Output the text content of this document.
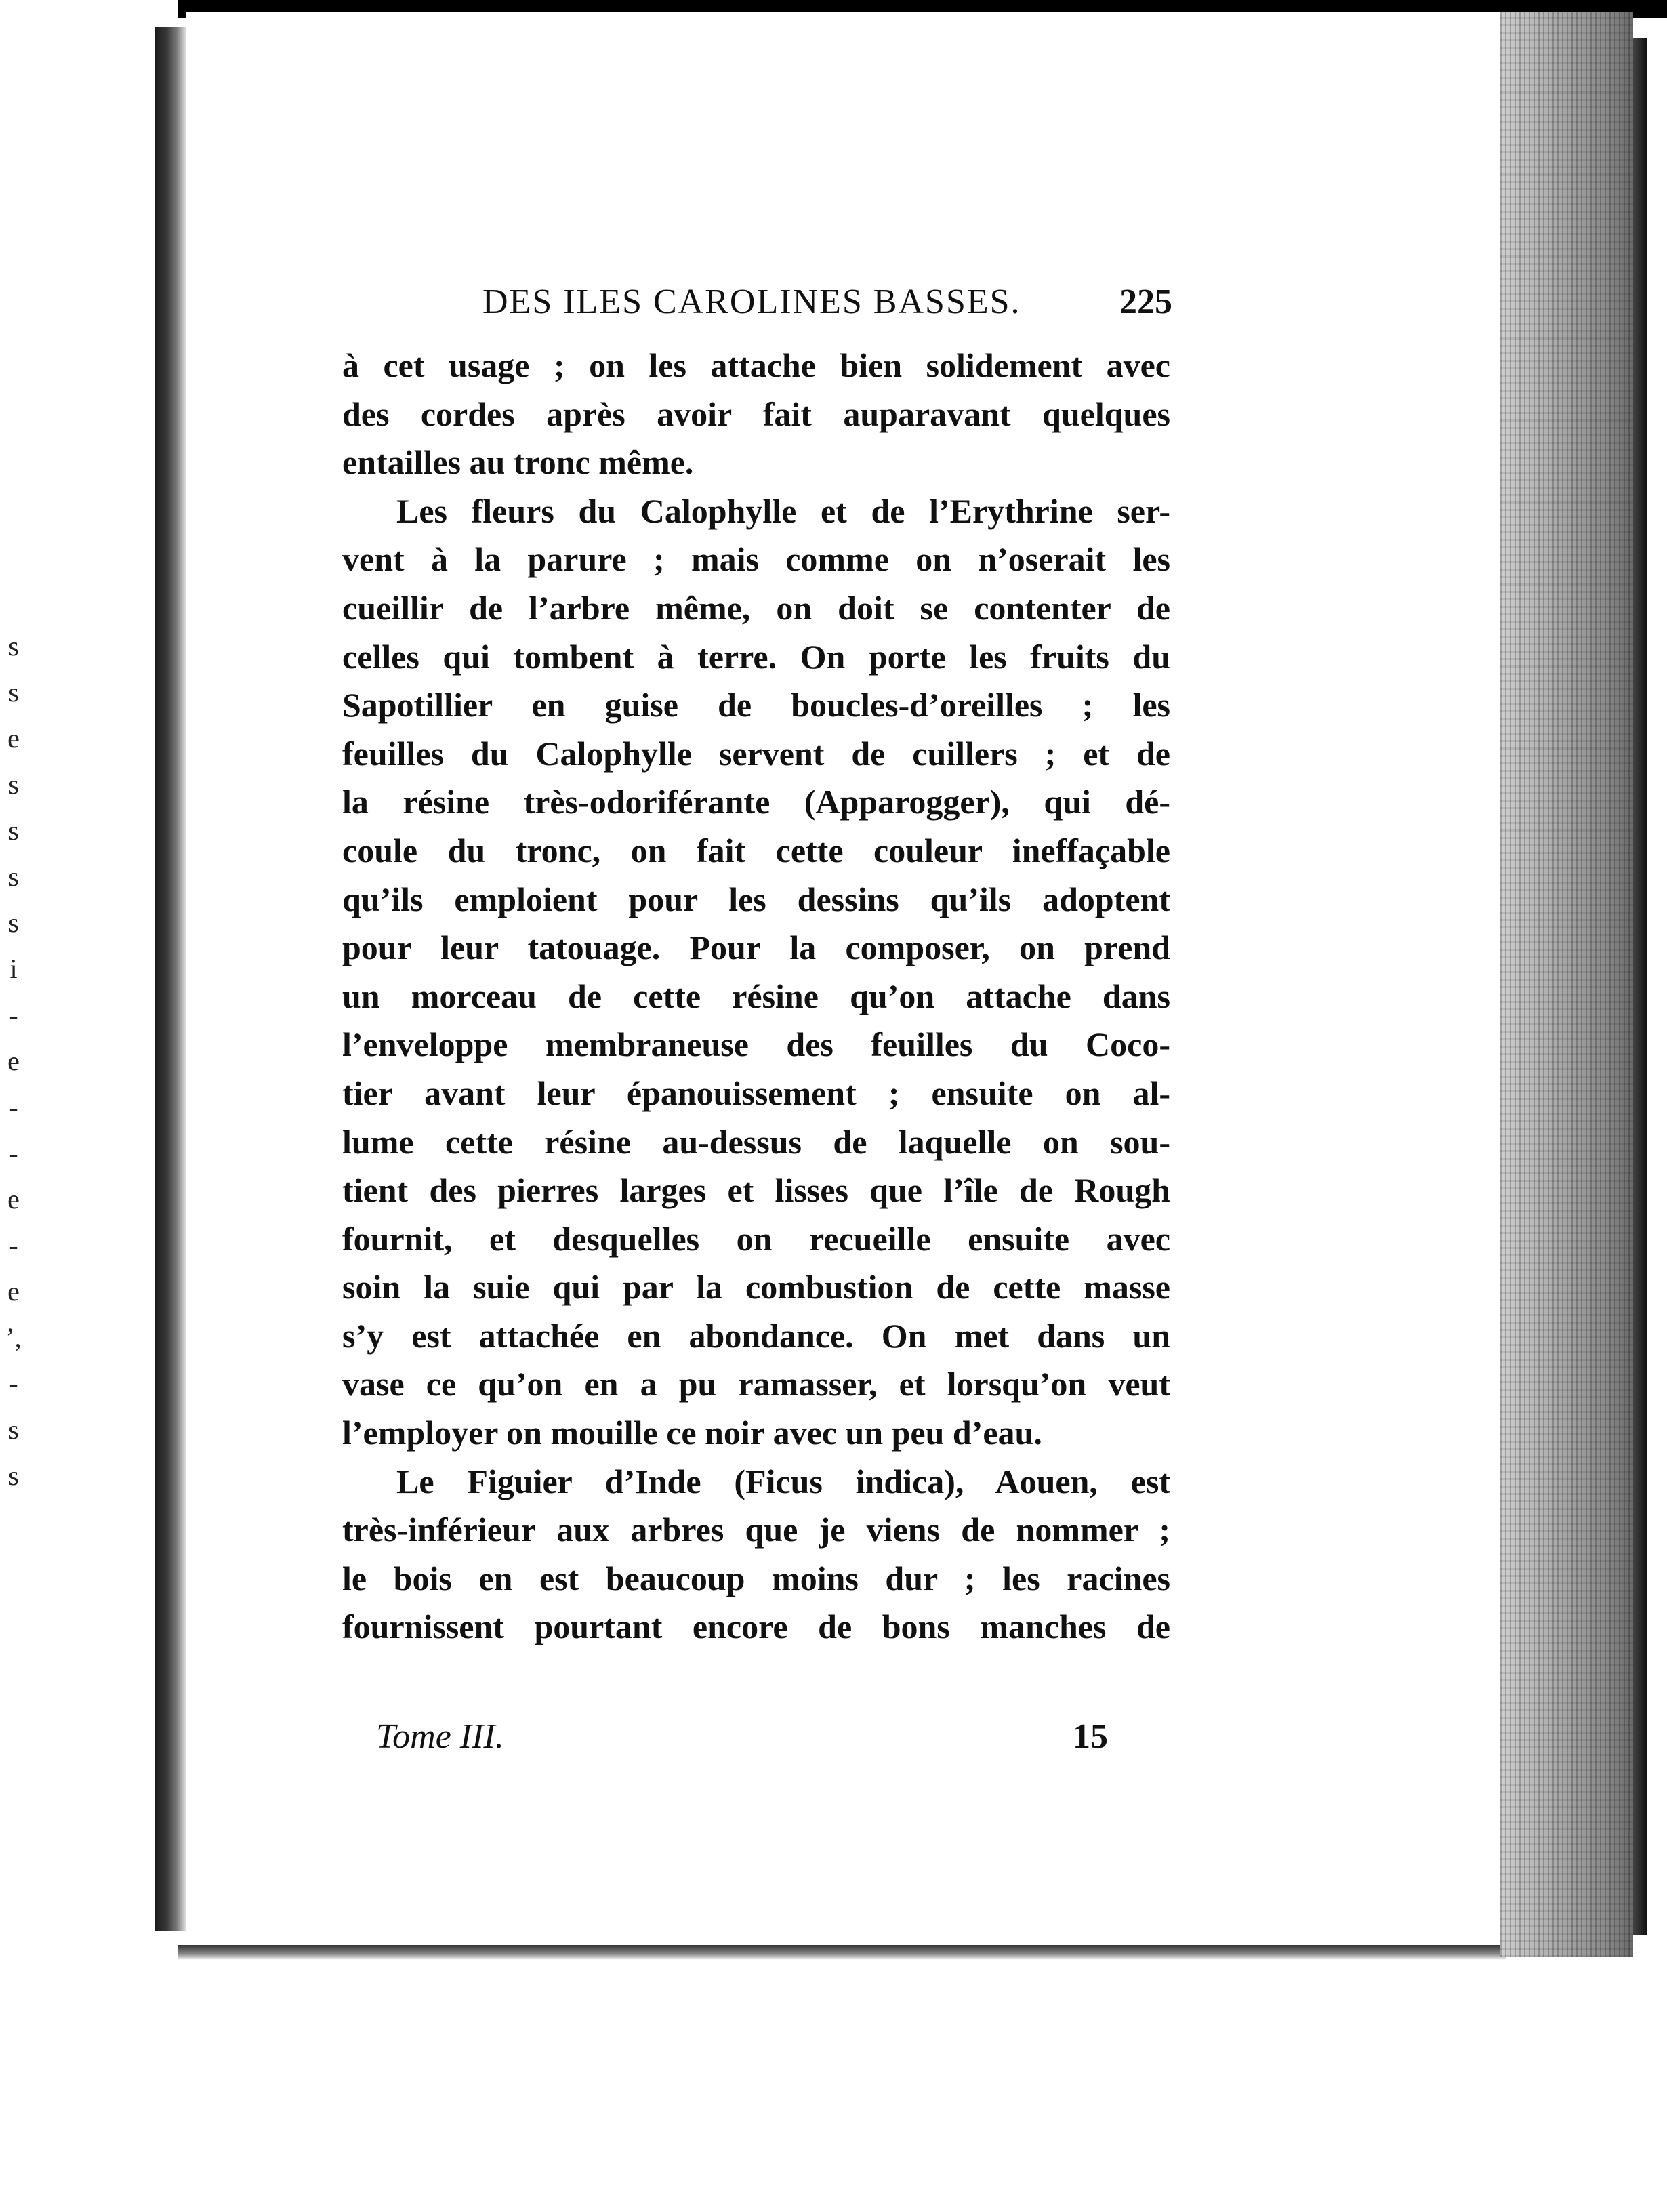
s
s
e
s
s
s
s
i
-
e
-
-
e
-
e
’,
-
s
s
DES ILES CAROLINES BASSES.	225
à cet usage ; on les attache bien solidement avec
des cordes après avoir fait auparavant quelques
entailles au tronc même.
Les fleurs du Calophylle et de l’Erythrine ser-
vent à la parure ; mais comme on n’oserait les
cueillir de l’arbre même, on doit se contenter de
celles qui tombent à terre. On porte les fruits du
Sapotillier en guise de boucles-d’oreilles ; les
feuilles du Calophylle servent de cuillers ; et de
la résine très-odoriférante (Apparogger), qui dé-
coule du tronc, on fait cette couleur ineffaçable
qu’ils emploient pour les dessins qu’ils adoptent
pour leur tatouage. Pour la composer, on prend
un morceau de cette résine qu’on attache dans
l’enveloppe membraneuse des feuilles du Coco-
tier avant leur épanouissement ; ensuite on al-
lume cette résine au-dessus de laquelle on sou-
tient des pierres larges et lisses que l’île de Rough
fournit, et desquelles on recueille ensuite avec
soin la suie qui par la combustion de cette masse
s’y est attachée en abondance. On met dans un
vase ce qu’on en a pu ramasser, et lorsqu’on veut
l’employer on mouille ce noir avec un peu d’eau.
Le Figuier d’Inde (Ficus indica), Aouen, est
très-inférieur aux arbres que je viens de nommer ;
le bois en est beaucoup moins dur ; les racines
fournissent pourtant encore de bons manches de
Tome III.	15
